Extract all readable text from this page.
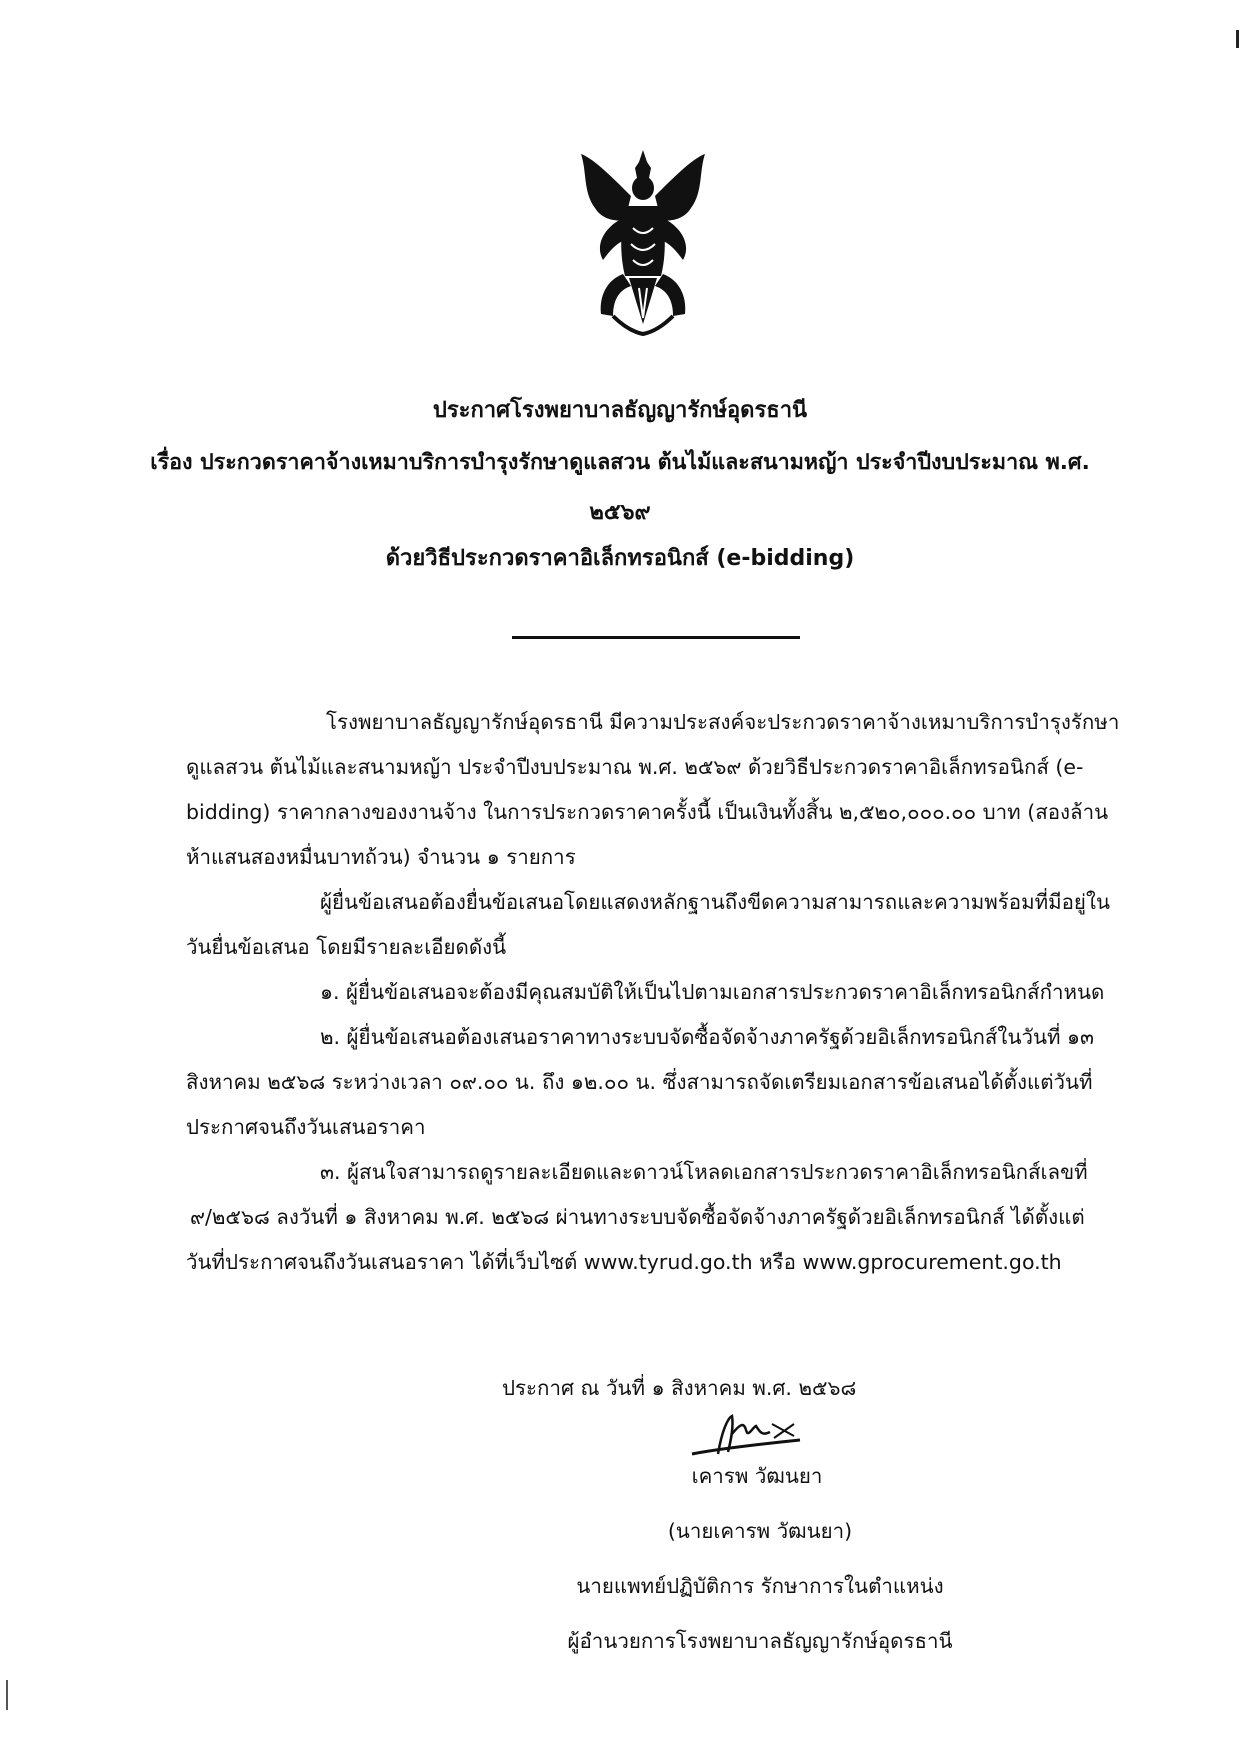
ประกาศโรงพยาบาลธัญญารักษ์อุดรธานี
เรื่อง ประกวดราคาจ้างเหมาบริการบำรุงรักษาดูแลสวน ต้นไม้และสนามหญ้า ประจำปีงบประมาณ พ.ศ.
๒๕๖๙
ด้วยวิธีประกวดราคาอิเล็กทรอนิกส์ (e-bidding)
โรงพยาบาลธัญญารักษ์อุดรธานี มีความประสงค์จะประกวดราคาจ้างเหมาบริการบำรุงรักษา
ดูแลสวน ต้นไม้และสนามหญ้า ประจำปีงบประมาณ พ.ศ. ๒๕๖๙ ด้วยวิธีประกวดราคาอิเล็กทรอนิกส์ (e-
bidding) ราคากลางของงานจ้าง ในการประกวดราคาครั้งนี้ เป็นเงินทั้งสิ้น ๒,๕๒๐,๐๐๐.๐๐ บาท (สองล้าน
ห้าแสนสองหมื่นบาทถ้วน) จำนวน ๑ รายการ
ผู้ยื่นข้อเสนอต้องยื่นข้อเสนอโดยแสดงหลักฐานถึงขีดความสามารถและความพร้อมที่มีอยู่ใน
วันยื่นข้อเสนอ โดยมีรายละเอียดดังนี้
๑. ผู้ยื่นข้อเสนอจะต้องมีคุณสมบัติให้เป็นไปตามเอกสารประกวดราคาอิเล็กทรอนิกส์กำหนด
๒. ผู้ยื่นข้อเสนอต้องเสนอราคาทางระบบจัดซื้อจัดจ้างภาครัฐด้วยอิเล็กทรอนิกส์ในวันที่ ๑๓
สิงหาคม ๒๕๖๘ ระหว่างเวลา ๐๙.๐๐ น. ถึง ๑๒.๐๐ น. ซึ่งสามารถจัดเตรียมเอกสารข้อเสนอได้ตั้งแต่วันที่
ประกาศจนถึงวันเสนอราคา
๓. ผู้สนใจสามารถดูรายละเอียดและดาวน์โหลดเอกสารประกวดราคาอิเล็กทรอนิกส์เลขที่
๙/๒๕๖๘ ลงวันที่ ๑ สิงหาคม พ.ศ. ๒๕๖๘ ผ่านทางระบบจัดซื้อจัดจ้างภาครัฐด้วยอิเล็กทรอนิกส์ ได้ตั้งแต่
วันที่ประกาศจนถึงวันเสนอราคา ได้ที่เว็บไซต์ www.tyrud.go.th หรือ www.gprocurement.go.th
ประกาศ ณ วันที่ ๑ สิงหาคม พ.ศ. ๒๕๖๘
เคารพ วัฒนยา
(นายเคารพ วัฒนยา)
นายแพทย์ปฏิบัติการ รักษาการในตำแหน่ง
ผู้อำนวยการโรงพยาบาลธัญญารักษ์อุดรธานี
